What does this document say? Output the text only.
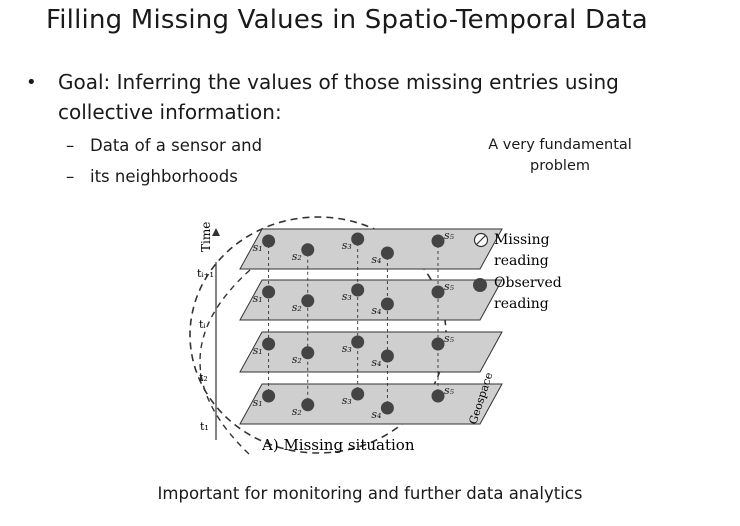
Filling Missing Values in Spatio-Temporal Data
• Goal: Inferring the values of those missing entries using collective information:
– Data of a sensor and
– its neighborhoods
A very fundamental problem
s₁
s₂
s₃
s₄
s₅
s₁
s₂
s₃
s₄
s₅
s₁
s₂
s₃
s₄
s₅
s₁
s₂
s₃
s₄
s₅
Time
tᵢ₊₁
tᵢ
t₂
t₁
Geospace
Missing reading
Observed reading
A) Missing situation
Important for monitoring and further data analytics
